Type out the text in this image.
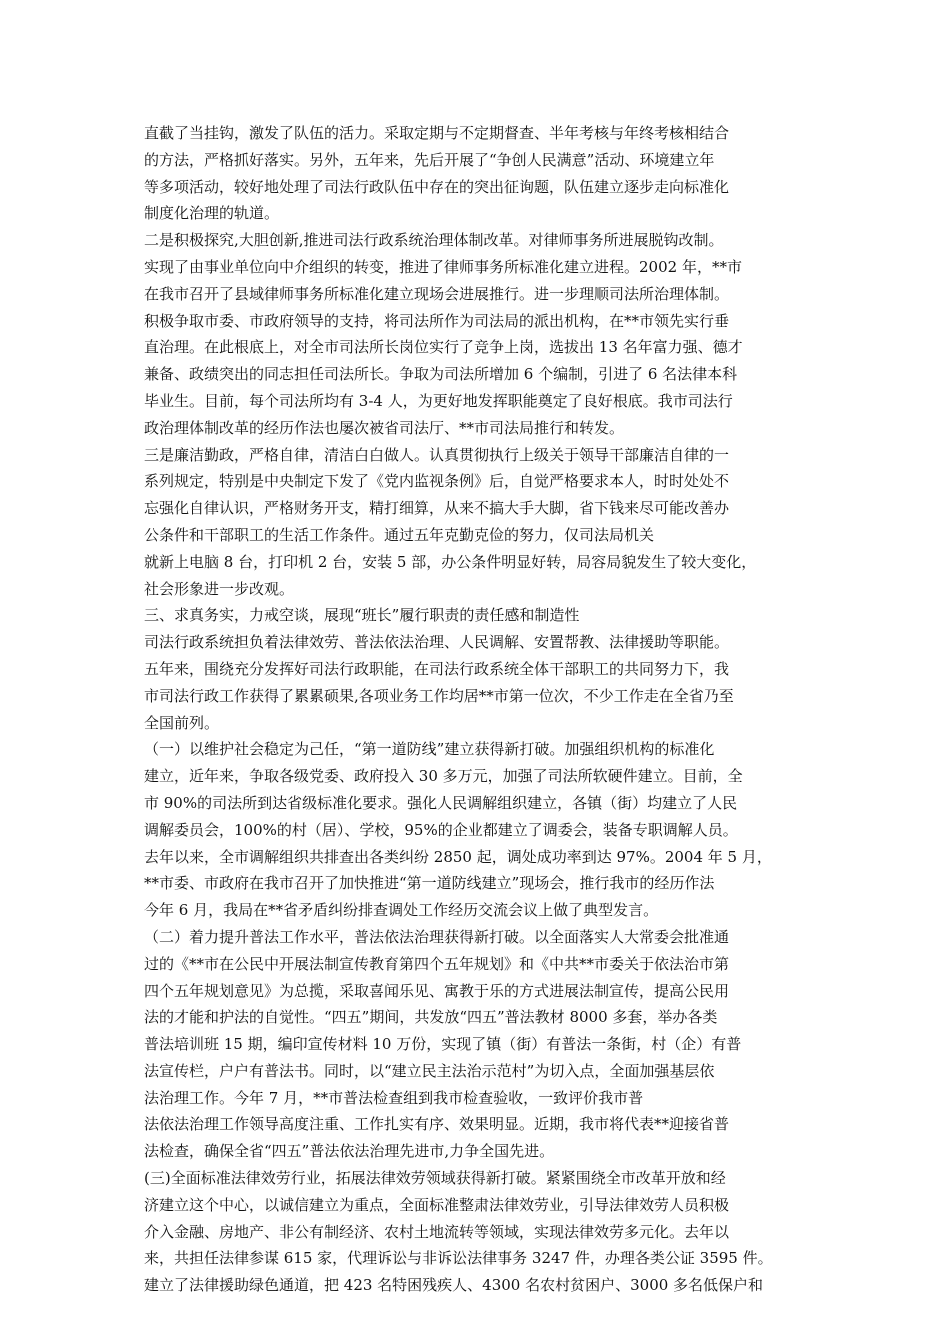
直截了当挂钩，激发了队伍的活力。采取定期与不定期督查、半年考核与年终考核相结合
的方法，严格抓好落实。另外，五年来，先后开展了“争创人民满意”活动、环境建立年
等多项活动，较好地处理了司法行政队伍中存在的突出征询题，队伍建立逐步走向标准化
制度化治理的轨道。
二是积极探究,大胆创新,推进司法行政系统治理体制改革。对律师事务所进展脱钩改制。
实现了由事业单位向中介组织的转变，推进了律师事务所标准化建立进程。2002 年，**市
在我市召开了县域律师事务所标准化建立现场会进展推行。进一步理顺司法所治理体制。
积极争取市委、市政府领导的支持，将司法所作为司法局的派出机构，在**市领先实行垂
直治理。在此根底上，对全市司法所长岗位实行了竞争上岗，选拔出 13 名年富力强、德才
兼备、政绩突出的同志担任司法所长。争取为司法所增加 6 个编制，引进了 6 名法律本科
毕业生。目前，每个司法所均有 3-4 人，为更好地发挥职能奠定了良好根底。我市司法行
政治理体制改革的经历作法也屡次被省司法厅、**市司法局推行和转发。
三是廉洁勤政，严格自律，清洁白白做人。认真贯彻执行上级关于领导干部廉洁自律的一
系列规定，特别是中央制定下发了《党内监视条例》后，自觉严格要求本人，时时处处不
忘强化自律认识，严格财务开支，精打细算，从来不搞大手大脚，省下钱来尽可能改善办
公条件和干部职工的生活工作条件。通过五年克勤克俭的努力，仅司法局机关
就新上电脑 8 台，打印机 2 台，安装 5 部，办公条件明显好转，局容局貌发生了较大变化，
社会形象进一步改观。
三、求真务实，力戒空谈，展现“班长”履行职责的责任感和制造性
司法行政系统担负着法律效劳、普法依法治理、人民调解、安置帮教、法律援助等职能。
五年来，围绕充分发挥好司法行政职能，在司法行政系统全体干部职工的共同努力下，我
市司法行政工作获得了累累硕果,各项业务工作均居**市第一位次，不少工作走在全省乃至
全国前列。
（一）以维护社会稳定为己任，“第一道防线”建立获得新打破。加强组织机构的标准化
建立，近年来，争取各级党委、政府投入 30 多万元，加强了司法所软硬件建立。目前，全
市 90%的司法所到达省级标准化要求。强化人民调解组织建立，各镇（街）均建立了人民
调解委员会，100%的村（居）、学校，95%的企业都建立了调委会，装备专职调解人员。
去年以来，全市调解组织共排查出各类纠纷 2850 起，调处成功率到达 97%。2004 年 5 月，
**市委、市政府在我市召开了加快推进“第一道防线建立”现场会，推行我市的经历作法
今年 6 月，我局在**省矛盾纠纷排查调处工作经历交流会议上做了典型发言。
（二）着力提升普法工作水平，普法依法治理获得新打破。以全面落实人大常委会批准通
过的《**市在公民中开展法制宣传教育第四个五年规划》和《中共**市委关于依法治市第
四个五年规划意见》为总揽，采取喜闻乐见、寓教于乐的方式进展法制宣传，提高公民用
法的才能和护法的自觉性。“四五”期间，共发放“四五”普法教材 8000 多套，举办各类
普法培训班 15 期，编印宣传材料 10 万份，实现了镇（街）有普法一条街，村（企）有普
法宣传栏，户户有普法书。同时，以“建立民主法治示范村”为切入点，全面加强基层依
法治理工作。今年 7 月，**市普法检查组到我市检查验收，一致评价我市普
法依法治理工作领导高度注重、工作扎实有序、效果明显。近期，我市将代表**迎接省普
法检查，确保全省“四五”普法依法治理先进市,力争全国先进。
(三)全面标准法律效劳行业，拓展法律效劳领域获得新打破。紧紧围绕全市改革开放和经
济建立这个中心，以诚信建立为重点，全面标准整肃法律效劳业，引导法律效劳人员积极
介入金融、房地产、非公有制经济、农村土地流转等领域，实现法律效劳多元化。去年以
来，共担任法律参谋 615 家，代理诉讼与非诉讼法律事务 3247 件，办理各类公证 3595 件。
建立了法律援助绿色通道，把 423 名特困残疾人、4300 名农村贫困户、3000 多名低保户和
